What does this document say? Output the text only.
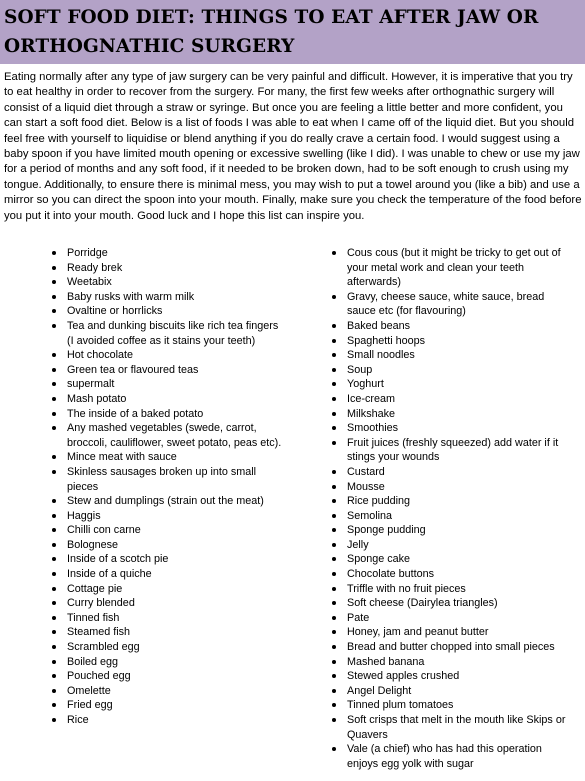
SOFT FOOD DIET: THINGS TO EAT AFTER JAW OR ORTHOGNATHIC SURGERY

Eating normally after any type of jaw surgery can be very painful and difficult. However, it is imperative that you try to eat healthy in order to recover from the surgery. For many, the first few weeks after orthognathic surgery will consist of a liquid diet through a straw or syringe. But once you are feeling a little better and more confident, you can start a soft food diet. Below is a list of foods I was able to eat when I came off of the liquid diet. But you should feel free with yourself to liquidise or blend anything if you do really crave a certain food. I would suggest using a baby spoon if you have limited mouth opening or excessive swelling (like I did). I was unable to chew or use my jaw for a period of months and any soft food, if it needed to be broken down, had to be soft enough to crush using my tongue. Additionally, to ensure there is minimal mess, you may wish to put a towel around you (like a bib) and use a mirror so you can direct the spoon into your mouth. Finally, make sure you check the temperature of the food before you put it into your mouth. Good luck and I hope this list can inspire you.

Porridge
Ready brek
Weetabix
Baby rusks with warm milk
Ovaltine or horrlicks
Tea and dunking biscuits like rich tea fingers (I avoided coffee as it stains your teeth)
Hot chocolate
Green tea or flavoured teas
supermalt
Mash potato
The inside of a baked potato
Any mashed vegetables (swede, carrot, broccoli, cauliflower, sweet potato, peas etc).
Mince meat with sauce
Skinless sausages broken up into small pieces
Stew and dumplings (strain out the meat)
Haggis
Chilli con carne
Bolognese
Inside of a scotch pie
Inside of a quiche
Cottage pie
Curry blended
Tinned fish
Steamed fish
Scrambled egg
Boiled egg
Pouched egg
Omelette
Fried egg
Rice
Cous cous (but it might be tricky to get out of your metal work and clean your teeth afterwards)
Gravy, cheese sauce, white sauce, bread sauce etc (for flavouring)
Baked beans
Spaghetti hoops
Small noodles
Soup
Yoghurt
Ice-cream
Milkshake
Smoothies
Fruit juices (freshly squeezed) add water if it stings your wounds
Custard
Mousse
Rice pudding
Semolina
Sponge pudding
Jelly
Sponge cake
Chocolate buttons
Triffle with no fruit pieces
Soft cheese (Dairylea triangles)
Pate
Honey, jam and peanut butter
Bread and butter chopped into small pieces
Mashed banana
Stewed apples crushed
Angel Delight
Tinned plum tomatoes
Soft crisps that melt in the mouth like Skips or Quavers
Vale (a chief) who has had this operation enjoys egg yolk with sugar
